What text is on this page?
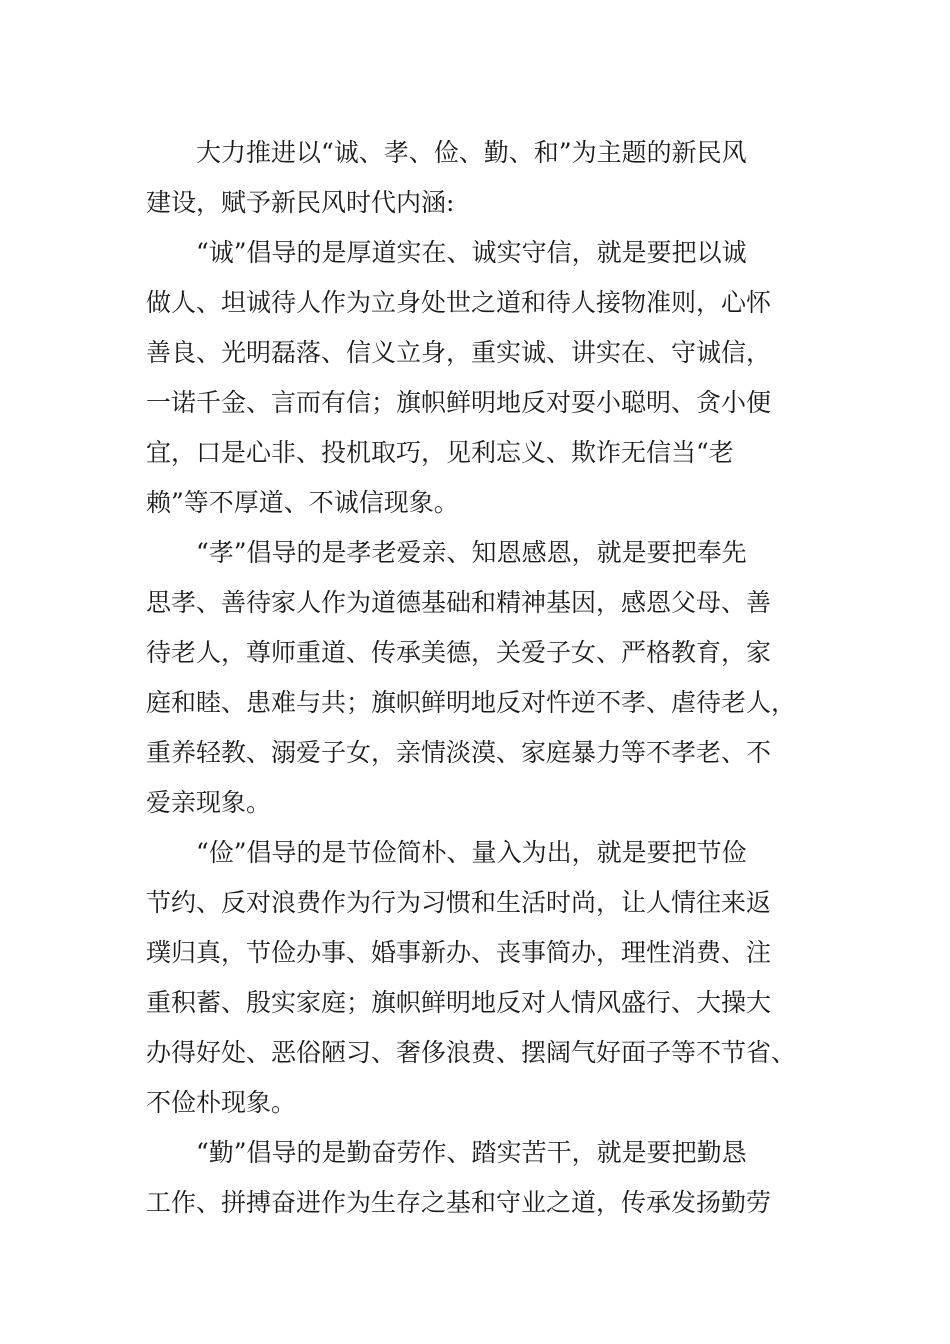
大力推进以“诚、孝、俭、勤、和”为主题的新民风
建设，赋予新民风时代内涵:
“诚”倡导的是厚道实在、诚实守信，就是要把以诚
做人、坦诚待人作为立身处世之道和待人接物准则，心怀
善良、光明磊落、信义立身，重实诚、讲实在、守诚信，
一诺千金、言而有信；旗帜鲜明地反对耍小聪明、贪小便
宜，口是心非、投机取巧，见利忘义、欺诈无信当“老
赖”等不厚道、不诚信现象。
“孝”倡导的是孝老爱亲、知恩感恩，就是要把奉先
思孝、善待家人作为道德基础和精神基因，感恩父母、善
待老人，尊师重道、传承美德，关爱子女、严格教育，家
庭和睦、患难与共；旗帜鲜明地反对忤逆不孝、虐待老人，
重养轻教、溺爱子女，亲情淡漠、家庭暴力等不孝老、不
爱亲现象。
“俭”倡导的是节俭简朴、量入为出，就是要把节俭
节约、反对浪费作为行为习惯和生活时尚，让人情往来返
璞归真，节俭办事、婚事新办、丧事简办，理性消费、注
重积蓄、殷实家庭；旗帜鲜明地反对人情风盛行、大操大
办得好处、恶俗陋习、奢侈浪费、摆阔气好面子等不节省、
不俭朴现象。
“勤”倡导的是勤奋劳作、踏实苦干，就是要把勤恳
工作、拼搏奋进作为生存之基和守业之道，传承发扬勤劳
